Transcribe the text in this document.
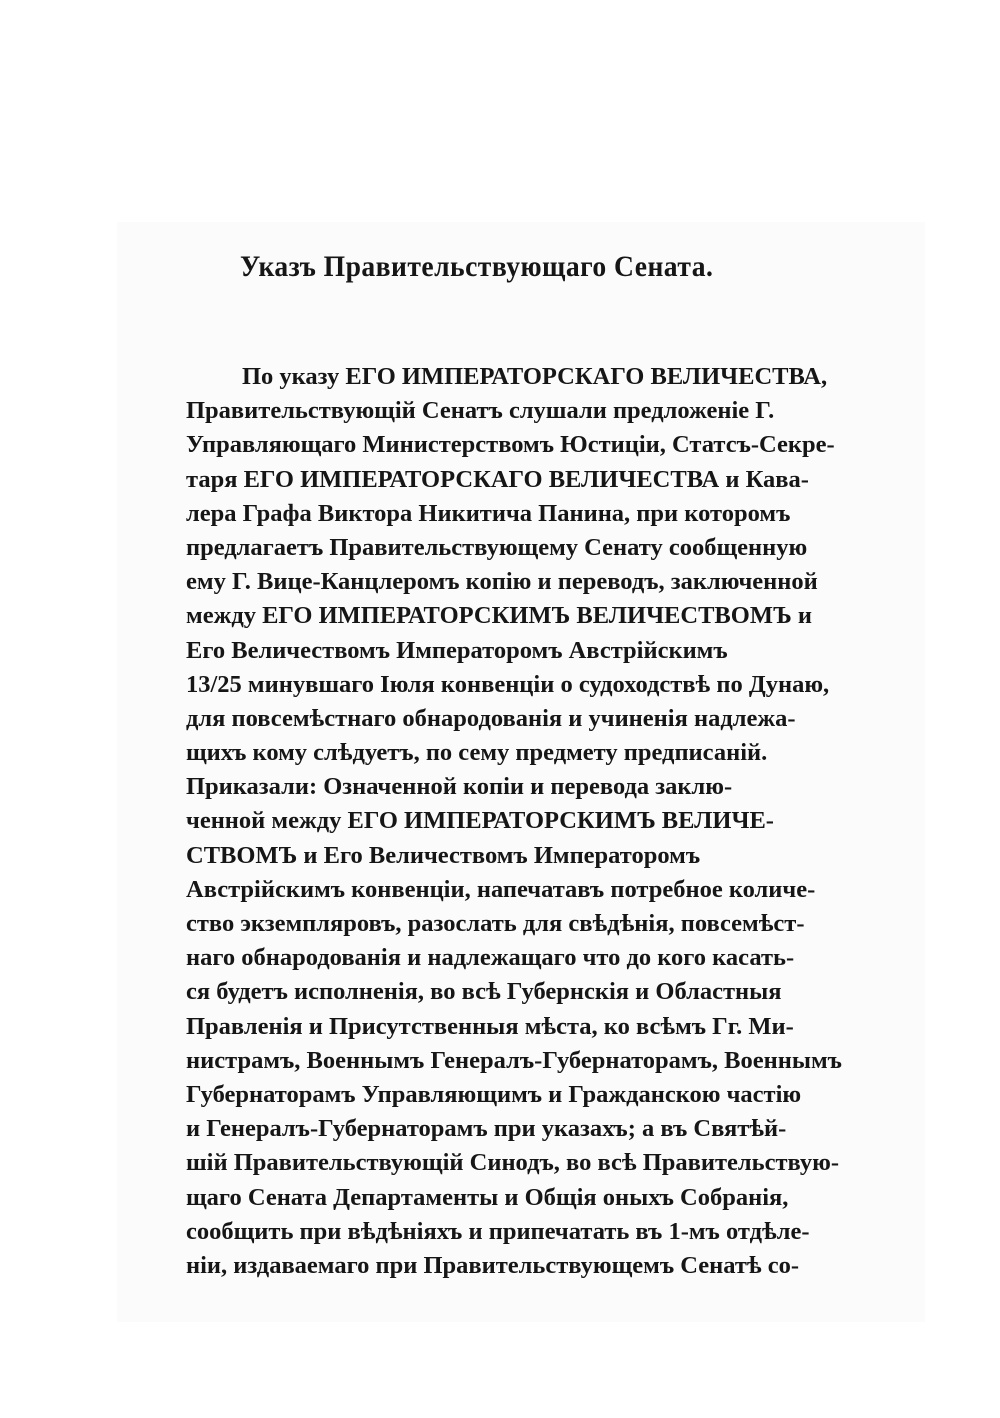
Указъ Правительствующаго Сената.
По указу ЕГО ИМПЕРАТОРСКАГО ВЕЛИЧЕСТВА,
Правительствующій Сенатъ слушали предложеніе Г.
Управляющаго Министерствомъ Юстиціи, Статсъ-Секре-
таря ЕГО ИМПЕРАТОРСКАГО ВЕЛИЧЕСТВА и Кава-
лера Графа Виктора Никитича Панина, при которомъ
предлагаетъ Правительствующему Сенату сообщенную
ему Г. Вице-Канцлеромъ копію и переводъ, заключенной
между ЕГО ИМПЕРАТОРСКИМЪ ВЕЛИЧЕСТВОМЪ и
Его Величествомъ Императоромъ Австрійскимъ
13/25 минувшаго Іюля конвенціи о судоходствѣ по Дунаю,
для повсемѣстнаго обнародованія и учиненія надлежа-
щихъ кому слѣдуетъ, по сему предмету предписаній.
Приказали: Означенной копіи и перевода заклю-
ченной между ЕГО ИМПЕРАТОРСКИМЪ ВЕЛИЧЕ-
СТВОМЪ и Его Величествомъ Императоромъ
Австрійскимъ конвенціи, напечатавъ потребное количе-
ство экземпляровъ, разослать для свѣдѣнія, повсемѣст-
наго обнародованія и надлежащаго что до кого касать-
ся будетъ исполненія, во всѣ Губернскія и Областныя
Правленія и Присутственныя мѣста, ко всѣмъ Гг. Ми-
нистрамъ, Военнымъ Генералъ-Губернаторамъ, Военнымъ
Губернаторамъ Управляющимъ и Гражданскою частію
и Генералъ-Губернаторамъ при указахъ; а въ Святѣй-
шій Правительствующій Синодъ, во всѣ Правительствую-
щаго Сената Департаменты и Общія оныхъ Собранія,
сообщить при вѣдѣніяхъ и припечатать въ 1-мъ отдѣле-
ніи, издаваемаго при Правительствующемъ Сенатѣ со-
